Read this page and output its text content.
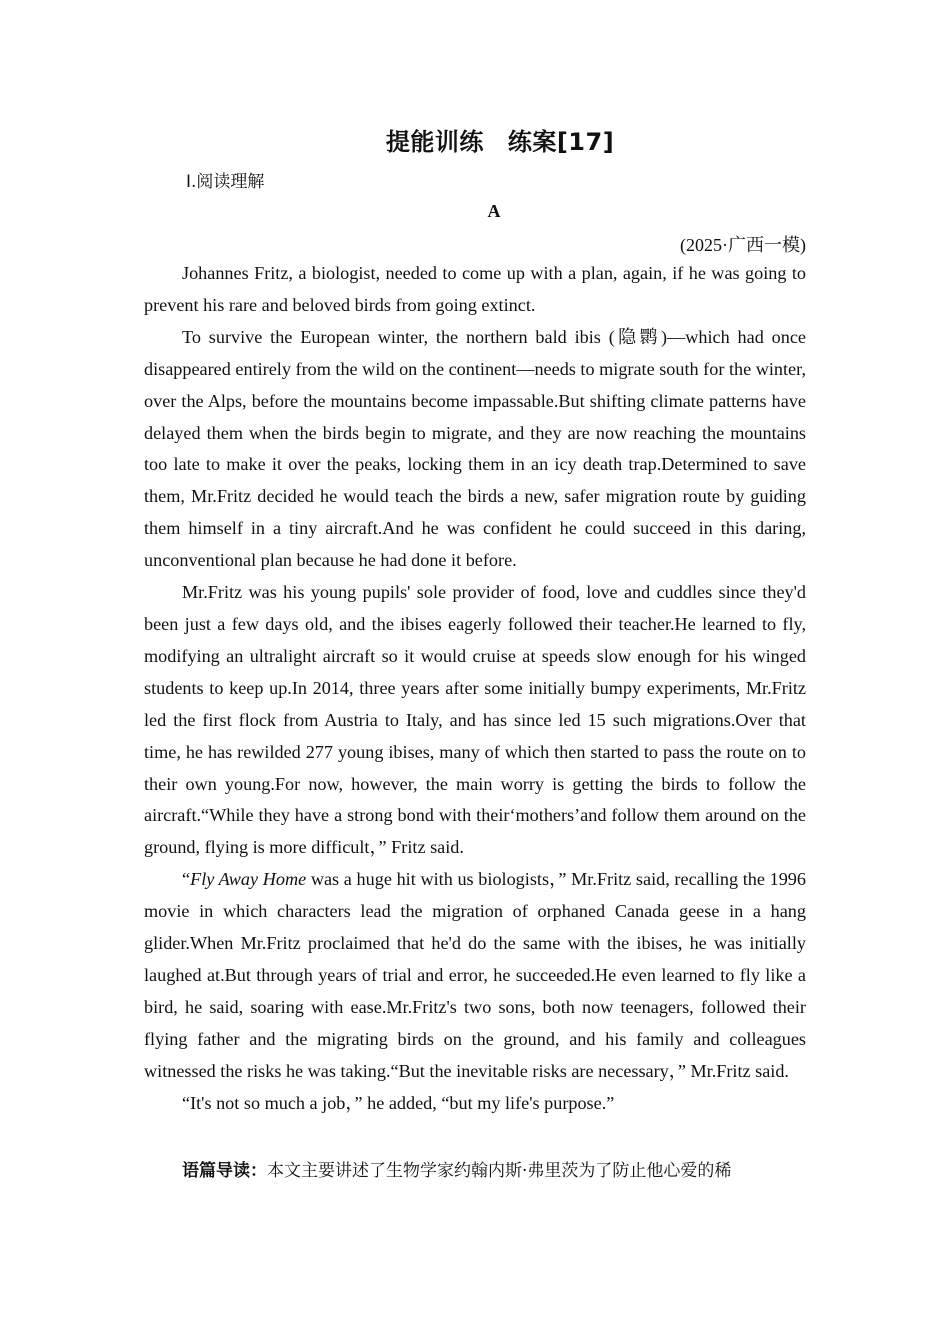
提能训练 练案[17]
Ⅰ.阅读理解
A
(2025·广西一模)

Johannes Fritz, a biologist, needed to come up with a plan, again, if he was going to prevent his rare and beloved birds from going extinct.

To survive the European winter, the northern bald ibis (隐鹮)—which had once disappeared entirely from the wild on the continent—needs to migrate south for the winter, over the Alps, before the mountains become impassable.But shifting climate patterns have delayed them when the birds begin to migrate, and they are now reaching the mountains too late to make it over the peaks, locking them in an icy death trap.Determined to save them, Mr.Fritz decided he would teach the birds a new, safer migration route by guiding them himself in a tiny aircraft.And he was confident he could succeed in this daring, unconventional plan because he had done it before.

Mr.Fritz was his young pupils' sole provider of food, love and cuddles since they'd been just a few days old, and the ibises eagerly followed their teacher.He learned to fly, modifying an ultralight aircraft so it would cruise at speeds slow enough for his winged students to keep up.In 2014, three years after some initially bumpy experiments, Mr.Fritz led the first flock from Austria to Italy, and has since led 15 such migrations.Over that time, he has rewilded 277 young ibises, many of which then started to pass the route on to their own young.For now, however, the main worry is getting the birds to follow the aircraft.“While they have a strong bond with their‘mothers’and follow them around on the ground, flying is more difficult，” Fritz said.

“Fly Away Home was a huge hit with us biologists，” Mr.Fritz said, recalling the 1996 movie in which characters lead the migration of orphaned Canada geese in a hang glider.When Mr.Fritz proclaimed that he'd do the same with the ibises, he was initially laughed at.But through years of trial and error, he succeeded.He even learned to fly like a bird, he said, soaring with ease.Mr.Fritz's two sons, both now teenagers, followed their flying father and the migrating birds on the ground, and his family and colleagues witnessed the risks he was taking.“But the inevitable risks are necessary，” Mr.Fritz said.

“It's not so much a job，” he added, “but my life's purpose.”

语篇导读：本文主要讲述了生物学家约翰内斯·弗里茨为了防止他心爱的稀
